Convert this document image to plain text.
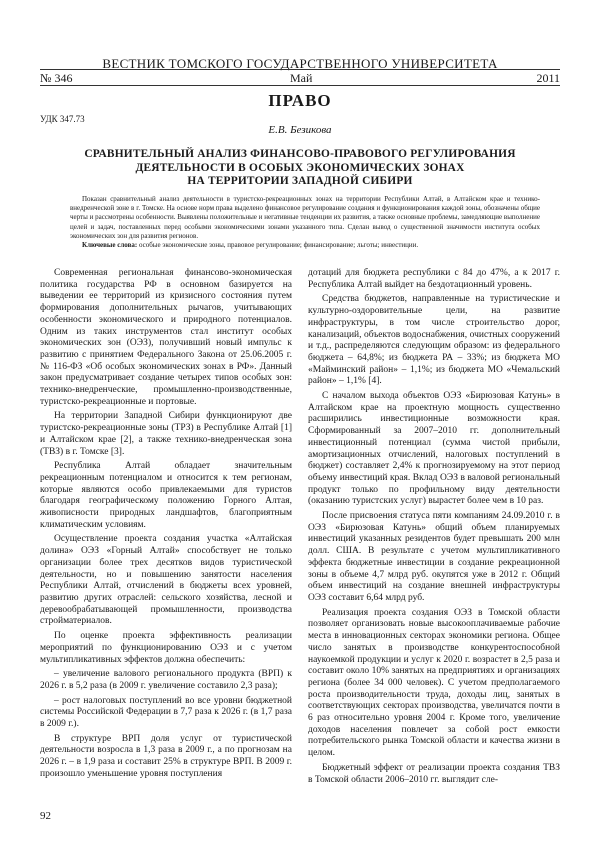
ВЕСТНИК ТОМСКОГО ГОСУДАРСТВЕННОГО УНИВЕРСИТЕТА
№ 346	Май	2011
ПРАВО
УДК 347.73
Е.В. Безикова
СРАВНИТЕЛЬНЫЙ АНАЛИЗ ФИНАНСОВО-ПРАВОВОГО РЕГУЛИРОВАНИЯ
ДЕЯТЕЛЬНОСТИ В ОСОБЫХ ЭКОНОМИЧЕСКИХ ЗОНАХ
НА ТЕРРИТОРИИ ЗАПАДНОЙ СИБИРИ

Показан сравнительный анализ деятельности в туристско-рекреационных зонах на территории Республики Алтай, в Алтайском крае и технико-внедренческой зоне в г. Томске. На основе норм права выделено финансовое регулирование создания и функционирования каждой зоны, обозначены общие черты и рассмотрены особенности. Выявлены положительные и негативные тенденции их развития, а также основные проблемы, замедляющие выполнение целей и задач, поставленных перед особыми экономическими зонами указанного типа. Сделан вывод о существенной значимости института особых экономических зон для развития регионов.

Ключевые слова: особые экономические зоны, правовое регулирование; финансирование; льготы; инвестиции.

Современная региональная финансово-экономическая политика государства РФ в основном базируется на выведении ее территорий из кризисного состояния путем формирования дополнительных рычагов, учитывающих особенности экономического и природного потенциалов. Одним из таких инструментов стал институт особых экономических зон (ОЭЗ), получивший новый импульс к развитию с принятием Федерального Закона от 25.06.2005 г. № 116-ФЗ «Об особых экономических зонах в РФ». Данный закон предусматривает создание четырех типов особых зон: технико-внедренческие, промышленно-производственные, туристско-рекреационные и портовые.

На территории Западной Сибири функционируют две туристско-рекреационные зоны (ТРЗ) в Республике Алтай [1] и Алтайском крае [2], а также технико-внедренческая зона (ТВЗ) в г. Томске [3].

Республика Алтай обладает значительным рекреационным потенциалом и относится к тем регионам, которые являются особо привлекаемыми для туристов благодаря географическому положению Горного Алтая, живописности природных ландшафтов, благоприятным климатическим условиям.

Осуществление проекта создания участка «Алтайская долина» ОЭЗ «Горный Алтай» способствует не только организации более трех десятков видов туристической деятельности, но и повышению занятости населения Республики Алтай, отчислений в бюджеты всех уровней, развитию других отраслей: сельского хозяйства, лесной и деревообрабатывающей промышленности, производства стройматериалов.

По оценке проекта эффективность реализации мероприятий по функционированию ОЭЗ и с учетом мультипликативных эффектов должна обеспечить:

– увеличение валового регионального продукта (ВРП) к 2026 г. в 5,2 раза (в 2009 г. увеличение составило 2,3 раза);

– рост налоговых поступлений во все уровни бюджетной системы Российской Федерации в 7,7 раза к 2026 г. (в 1,7 раза в 2009 г.).

В структуре ВРП доля услуг от туристической деятельности возросла в 1,3 раза в 2009 г., а по прогнозам на 2026 г. – в 1,9 раза и составит 25% в структуре ВРП. В 2009 г. произошло уменьшение уровня поступления

дотаций для бюджета республики с 84 до 47%, а к 2017 г. Республика Алтай выйдет на бездотационный уровень.

Средства бюджетов, направленные на туристические и культурно-оздоровительные цели, на развитие инфраструктуры, в том числе строительство дорог, канализаций, объектов водоснабжения, очистных сооружений и т.д., распределяются следующим образом: из федерального бюджета – 64,8%; из бюджета РА – 33%; из бюджета МО «Майминский район» – 1,1%; из бюджета МО «Чемальский район» – 1,1% [4].

С началом выхода объектов ОЭЗ «Бирюзовая Катунь» в Алтайском крае на проектную мощность существенно расширились инвестиционные возможности края. Сформированный за 2007–2010 гг. дополнительный инвестиционный потенциал (сумма чистой прибыли, амортизационных отчислений, налоговых поступлений в бюджет) составляет 2,4% к прогнозируемому на этот период объему инвестиций края. Вклад ОЭЗ в валовой региональный продукт только по профильному виду деятельности (оказанию туристских услуг) вырастет более чем в 10 раз.

После присвоения статуса пяти компаниям 24.09.2010 г. в ОЭЗ «Бирюзовая Катунь» общий объем планируемых инвестиций указанных резидентов будет превышать 200 млн долл. США. В результате с учетом мультипликативного эффекта бюджетные инвестиции в создание рекреационной зоны в объеме 4,7 млрд руб. окупятся уже в 2012 г. Общий объем инвестиций на создание внешней инфраструктуры ОЭЗ составит 6,64 млрд руб.

Реализация проекта создания ОЭЗ в Томской области позволяет организовать новые высокооплачиваемые рабочие места в инновационных секторах экономики региона. Общее число занятых в производстве конкурентоспособной наукоемкой продукции и услуг к 2020 г. возрастет в 2,5 раза и составит около 10% занятых на предприятиях и организациях региона (более 34 000 человек). С учетом предполагаемого роста производительности труда, доходы лиц, занятых в соответствующих секторах производства, увеличатся почти в 6 раз относительно уровня 2004 г. Кроме того, увеличение доходов населения повлечет за собой рост емкости потребительского рынка Томской области и качества жизни в целом.

Бюджетный эффект от реализации проекта создания ТВЗ в Томской области 2006–2010 гг. выглядит сле-

92
